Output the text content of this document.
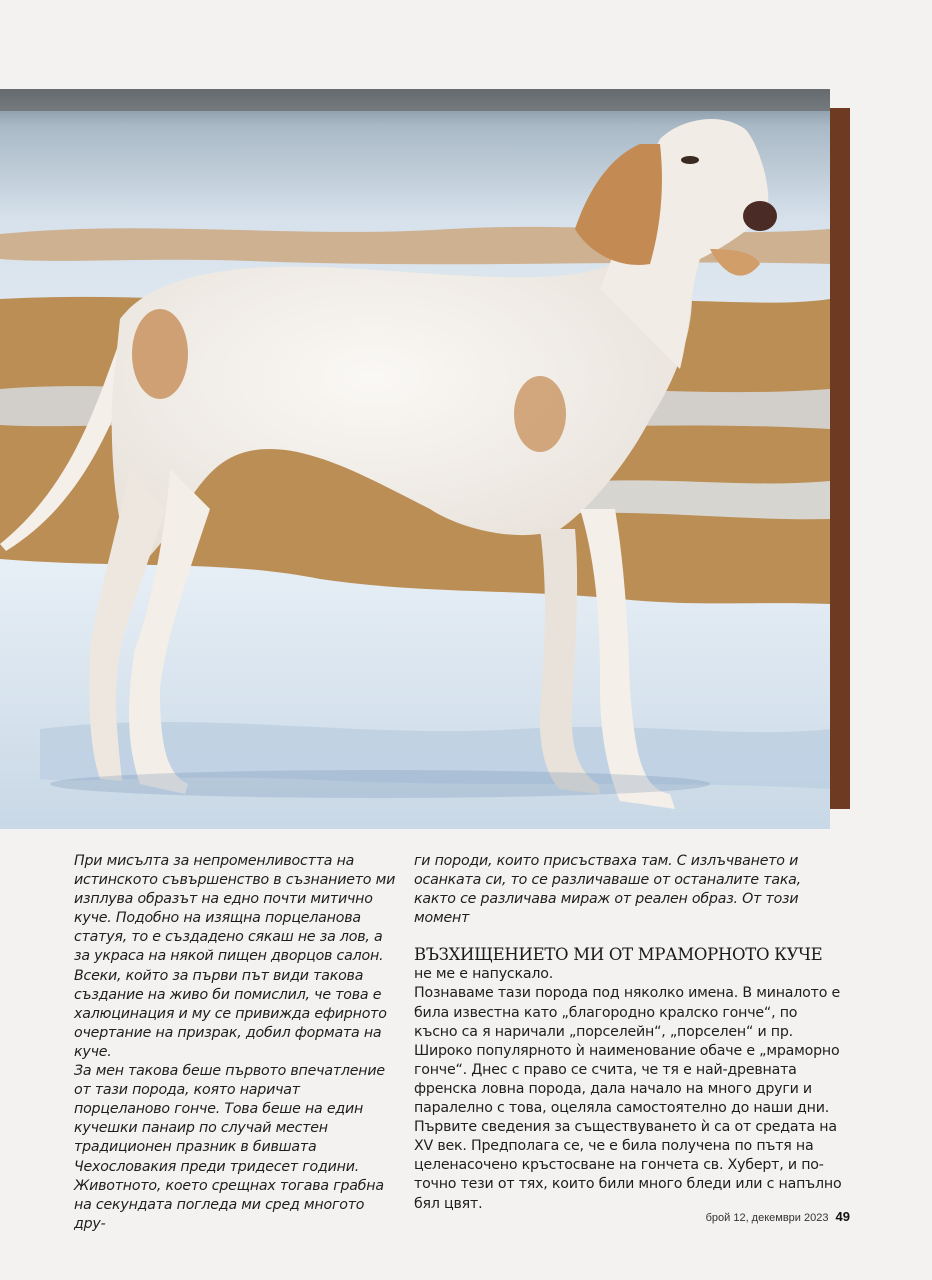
При мисълта за непроменливостта на истинското съвършенство в съзнанието ми изплува образът на едно почти митично куче. Подобно на изящна порцеланова статуя, то е създадено сякаш не за лов, а за украса на някой пищен дворцов салон. Всеки, който за първи път види такова създание на живо би помислил, че това е халюцинация и му се привижда ефирното очертание на призрак, добил формата на куче.

За мен такова беше първото впечатление от тази порода, която наричат порцеланово гонче. Това беше на един кучешки панаир по случай местен традиционен празник в бившата Чехословакия преди тридесет години. Животното, което срещнах тогава грабна на секундата погледа ми сред многото дру-

ги породи, които присъстваха там. С излъчването и осанката си, то се различаваше от останалите така, както се различава мираж от реален образ. От този момент

ВЪЗХИЩЕНИЕТО МИ ОТ МРАМОРНОТО КУЧЕ

не ме е напускало.

Познаваме тази порода под няколко имена. В миналото е била известна като „благородно кралско гонче“, по късно са я наричали „порселейн“, „порселен“ и пр. Широко популярното ѝ наименование обаче е „мраморно гонче“. Днес с право се счита, че тя е най-древната френска ловна порода, дала начало на много други и паралелно с това, оцеляла самостоятелно до наши дни.

Първите сведения за съществуването ѝ са от средата на XV век. Предполага се, че е била получена по пътя на целенасочено кръстосване на гончета св. Хуберт, и по-точно тези от тях, които били много бледи или с напълно бял цвят.

брой 12, декември 2023 49
